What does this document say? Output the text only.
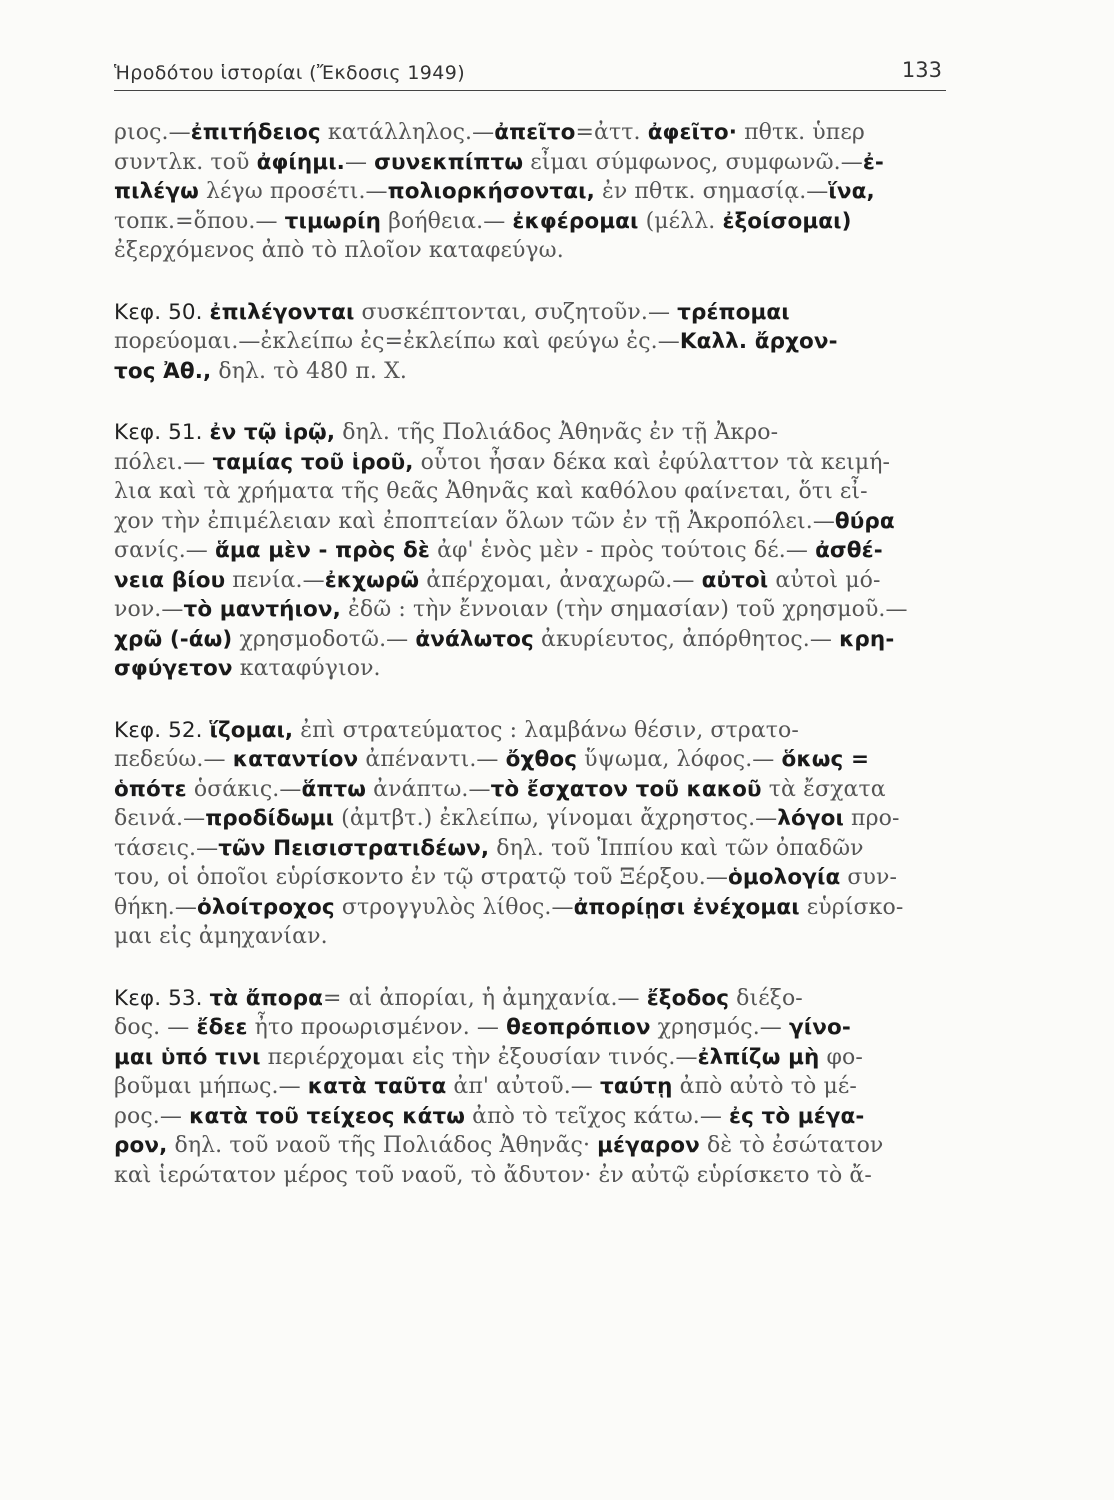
Ἡροδότου ἱστορίαι (Ἔκδοσις 1949)	133
ριος.—ἐπιτήδειος κατάλληλος.—ἀπεῖτο=ἀττ. ἀφεῖτο· πθτκ. ὑπερ
συντλκ. τοῦ ἀφίημι.— συνεκπίπτω εἶμαι σύμφωνος, συμφωνῶ.—ἐ-
πιλέγω λέγω προσέτι.—πολιορκήσονται, ἐν πθτκ. σημασίᾳ.—ἵνα,
τοπκ.=ὅπου.— τιμωρίη βοήθεια.— ἐκφέρομαι (μέλλ. ἐξοίσομαι)
ἐξερχόμενος ἀπὸ τὸ πλοῖον καταφεύγω.
Κεφ. 50. ἐπιλέγονται συσκέπτονται, συζητοῦν.— τρέπομαι
πορεύομαι.—ἐκλείπω ἐς=ἐκλείπω καὶ φεύγω ἐς.—Καλλ. ἄρχον-
τος Ἀθ., δηλ. τὸ 480 π. Χ.
Κεφ. 51. ἐν τῷ ἱρῷ, δηλ. τῆς Πολιάδος Ἀθηνᾶς ἐν τῇ Ἀκρο-
πόλει.— ταμίας τοῦ ἱροῦ, οὗτοι ἦσαν δέκα καὶ ἐφύλαττον τὰ κειμή-
λια καὶ τὰ χρήματα τῆς θεᾶς Ἀθηνᾶς καὶ καθόλου φαίνεται, ὅτι εἶ-
χον τὴν ἐπιμέλειαν καὶ ἐποπτείαν ὅλων τῶν ἐν τῇ Ἀκροπόλει.—θύρα
σανίς.— ἅμα μὲν - πρὸς δὲ ἀφ' ἑνὸς μὲν - πρὸς τούτοις δέ.— ἀσθέ-
νεια βίου πενία.—ἐκχωρῶ ἀπέρχομαι, ἀναχωρῶ.— αὐτοὶ αὐτοὶ μό-
νον.—τὸ μαντήιον, ἐδῶ : τὴν ἔννοιαν (τὴν σημασίαν) τοῦ χρησμοῦ.—
χρῶ (-άω) χρησμοδοτῶ.— ἀνάλωτος ἀκυρίευτος, ἀπόρθητος.— κρη-
σφύγετον καταφύγιον.
Κεφ. 52. ἵζομαι, ἐπὶ στρατεύματος : λαμβάνω θέσιν, στρατο-
πεδεύω.— καταντίον ἀπέναντι.— ὄχθος ὕψωμα, λόφος.— ὅκως =
ὁπότε ὁσάκις.—ἅπτω ἀνάπτω.—τὸ ἔσχατον τοῦ κακοῦ τὰ ἔσχατα
δεινά.—προδίδωμι (ἀμτβτ.) ἐκλείπω, γίνομαι ἄχρηστος.—λόγοι προ-
τάσεις.—τῶν Πεισιστρατιδέων, δηλ. τοῦ Ἱππίου καὶ τῶν ὀπαδῶν
του, οἱ ὁποῖοι εὑρίσκοντο ἐν τῷ στρατῷ τοῦ Ξέρξου.—ὁμολογία συν-
θήκη.—ὀλοίτροχος στρογγυλὸς λίθος.—ἀπορίῃσι ἐνέχομαι εὑρίσκο-
μαι εἰς ἀμηχανίαν.
Κεφ. 53. τὰ ἄπορα= αἱ ἀπορίαι, ἡ ἀμηχανία.— ἔξοδος διέξο-
δος. — ἔδεε ἦτο προωρισμένον. — θεοπρόπιον χρησμός.— γίνο-
μαι ὑπό τινι περιέρχομαι εἰς τὴν ἐξουσίαν τινός.—ἐλπίζω μὴ φο-
βοῦμαι μήπως.— κατὰ ταῦτα ἀπ' αὐτοῦ.— ταύτῃ ἀπὸ αὐτὸ τὸ μέ-
ρος.— κατὰ τοῦ τείχεος κάτω ἀπὸ τὸ τεῖχος κάτω.— ἐς τὸ μέγα-
ρον, δηλ. τοῦ ναοῦ τῆς Πολιάδος Ἀθηνᾶς· μέγαρον δὲ τὸ ἐσώτατον
καὶ ἱερώτατον μέρος τοῦ ναοῦ, τὸ ἄδυτον· ἐν αὐτῷ εὑρίσκετο τὸ ἄ-
